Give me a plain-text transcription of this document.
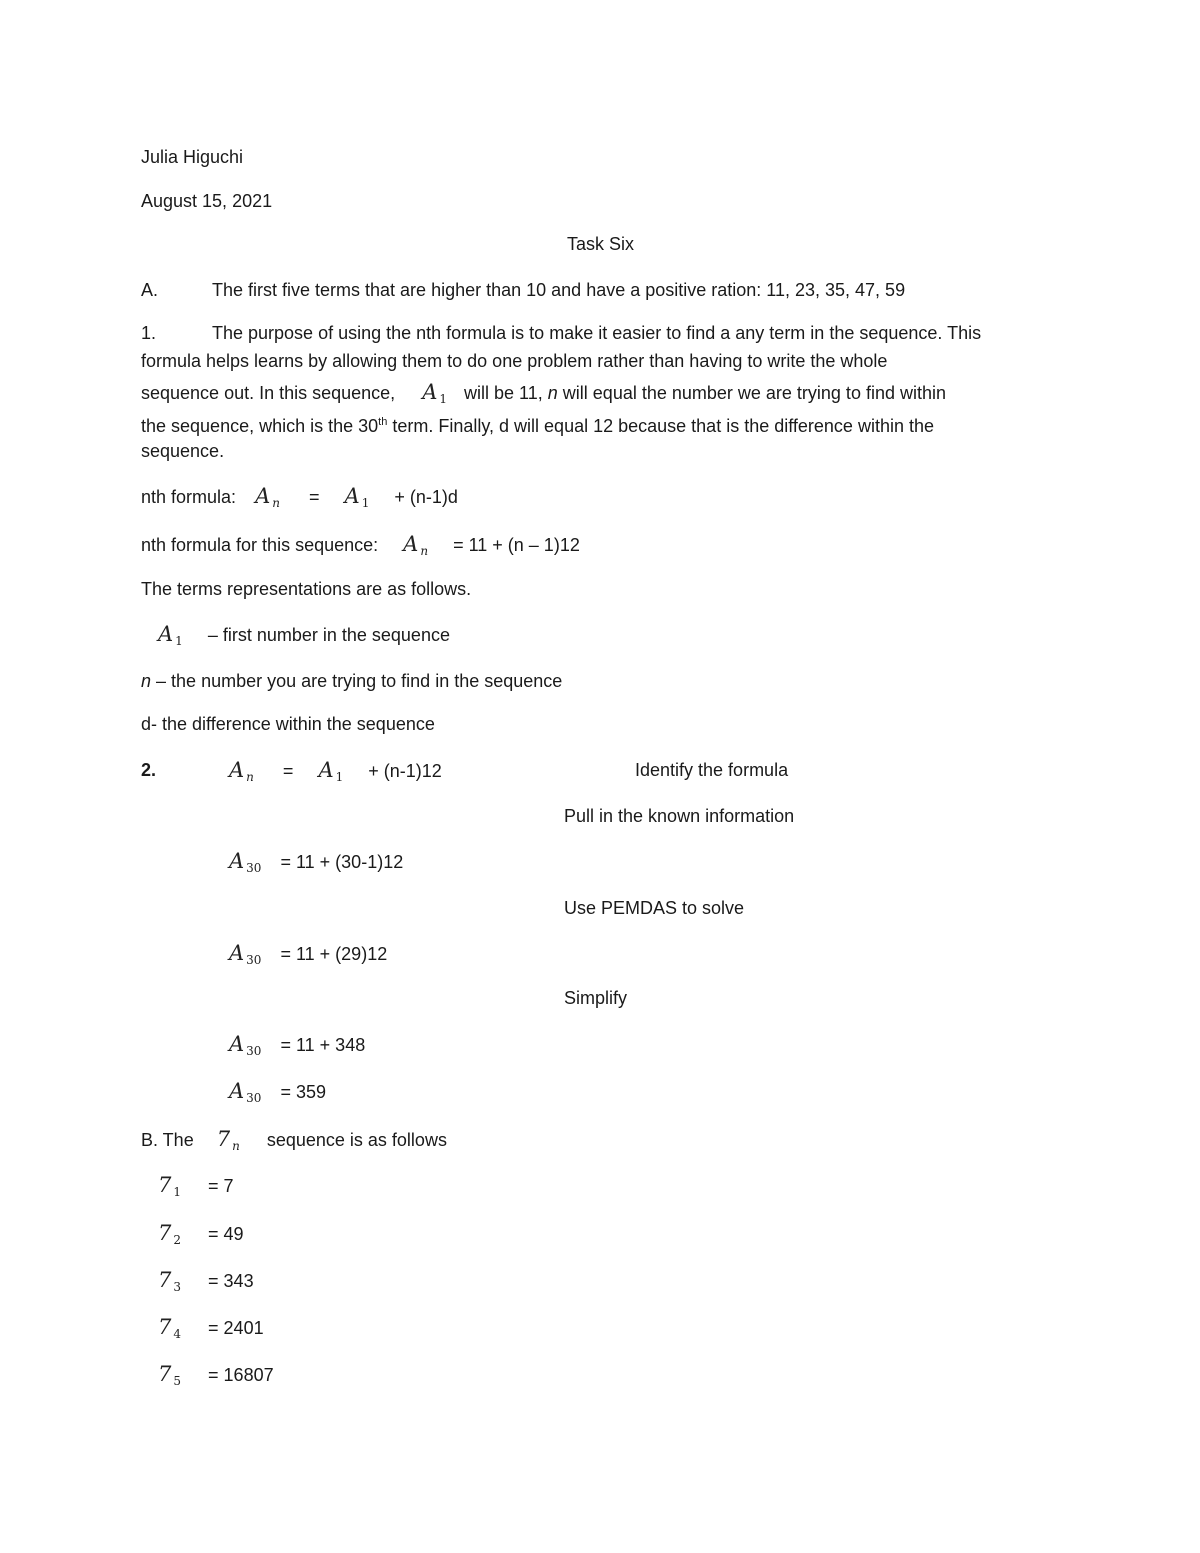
Julia Higuchi
August 15, 2021
Task Six
A.	The first five terms that are higher than 10 and have a positive ration: 11, 23, 35, 47, 59
1.	The purpose of using the nth formula is to make it easier to find a any term in the sequence. This
formula helps learns by allowing them to do one problem rather than having to write the whole
sequence out. In this sequence, A $_1$ will be 11, n will equal the number we are trying to find within
the sequence, which is the 30th term. Finally, d will equal 12 because that is the difference within the
sequence.
nth formula: A $_n$ = A $_1$ + (n-1)d
nth formula for this sequence: A $_n$ = 11 + (n – 1)12
The terms representations are as follows.
A $_1$ – first number in the sequence
n – the number you are trying to find in the sequence
d- the difference within the sequence
2.	A $_n$ = A $_1$ + (n-1)12	Identify the formula
Pull in the known information
A $_{30}$ = 11 + (30-1)12
Use PEMDAS to solve
A $_{30}$ = 11 + (29)12
Simplify
A $_{30}$ = 11 + 348
A $_{30}$ = 359
B. The 7 $_n$ sequence is as follows
7 $_1$ = 7
7 $_2$ = 49
7 $_3$ = 343
7 $_4$ = 2401
7 $_5$ = 16807
